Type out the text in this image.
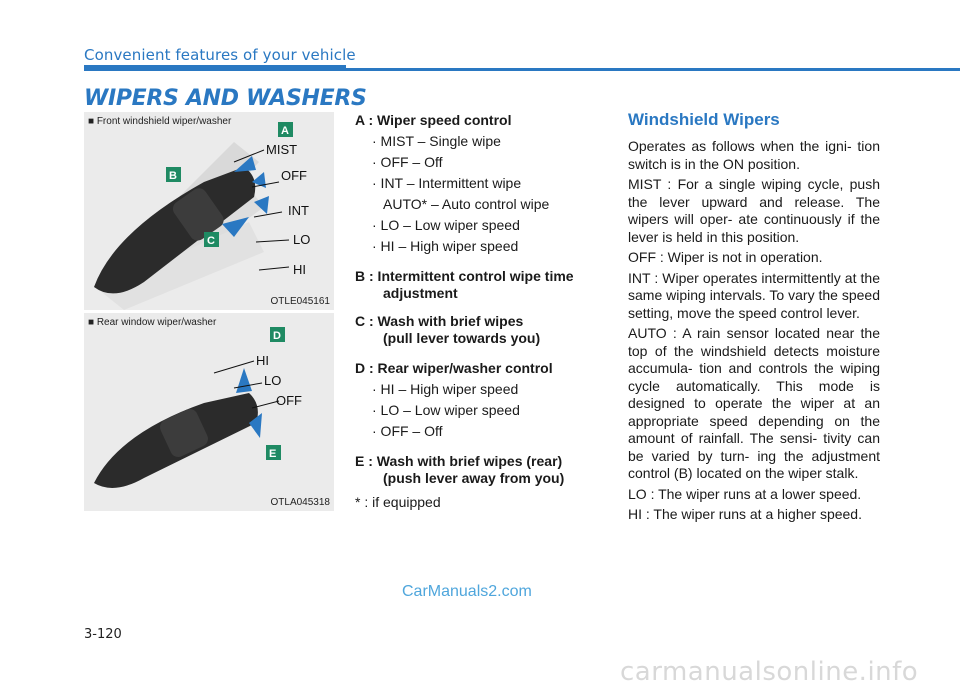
Convenient features of your vehicle
WIPERS AND WASHERS
MIST
OFF
INT
LO
HI
A
B
C
■ Front windshield wiper/washer
OTLE045161
HI
LO
OFF
D
E
■ Rear window wiper/washer
OTLA045318
A : Wiper speed control
· MIST – Single wipe
· OFF – Off
· INT – Intermittent wipe
AUTO* – Auto control wipe
· LO – Low wiper speed
· HI – High wiper speed
B : Intermittent control wipe time
adjustment
C : Wash with brief wipes
(pull lever towards you)
D : Rear wiper/washer control
· HI – High wiper speed
· LO – Low wiper speed
· OFF – Off
E : Wash with brief wipes (rear)
(push lever away from you)
* : if equipped
Windshield Wipers

Operates as follows when the igni- tion switch is in the ON position.

MIST : For a single wiping cycle, push the lever upward and release. The wipers will oper- ate continuously if the lever is held in this position.

OFF : Wiper is not in operation.

INT : Wiper operates intermittently at the same wiping intervals. To vary the speed setting, move the speed control lever.

AUTO : A rain sensor located near the top of the windshield detects moisture accumula- tion and controls the wiping cycle automatically. This mode is designed to operate the wiper at an appropriate speed depending on the amount of rainfall. The sensi- tivity can be varied by turn- ing the adjustment control (B) located on the wiper stalk.

LO : The wiper runs at a lower speed.

HI : The wiper runs at a higher speed.

CarManuals2.com
3-120
carmanualsonline.info
